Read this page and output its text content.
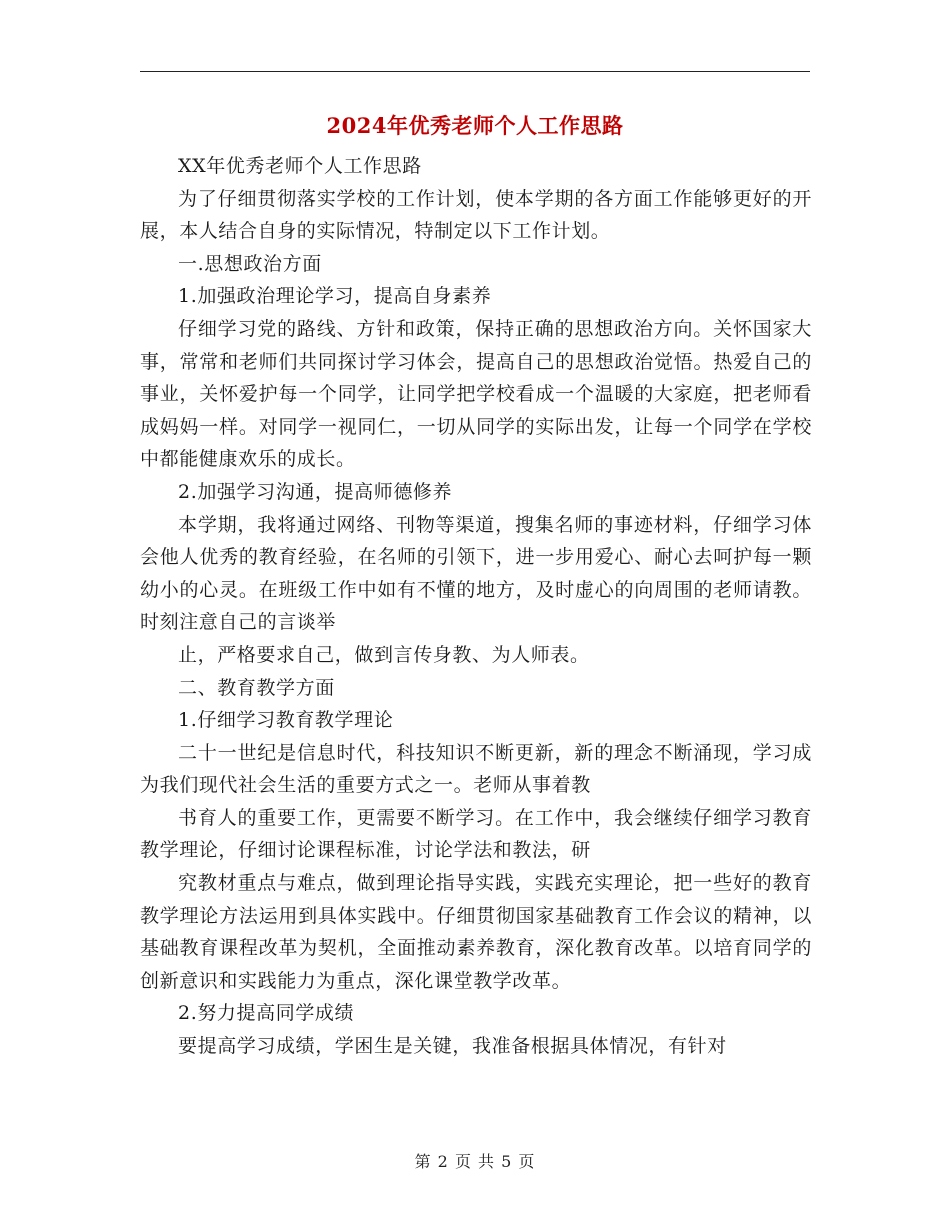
2024年优秀老师个人工作思路

XX年优秀老师个人工作思路

为了仔细贯彻落实学校的工作计划，使本学期的各方面工作能够更好的开展，本人结合自身的实际情况，特制定以下工作计划。

一.思想政治方面

1.加强政治理论学习，提高自身素养

仔细学习党的路线、方针和政策，保持正确的思想政治方向。关怀国家大事，常常和老师们共同探讨学习体会，提高自己的思想政治觉悟。热爱自己的事业，关怀爱护每一个同学，让同学把学校看成一个温暖的大家庭，把老师看成妈妈一样。对同学一视同仁，一切从同学的实际出发，让每一个同学在学校中都能健康欢乐的成长。

2.加强学习沟通，提高师德修养

本学期，我将通过网络、刊物等渠道，搜集名师的事迹材料，仔细学习体会他人优秀的教育经验，在名师的引领下，进一步用爱心、耐心去呵护每一颗幼小的心灵。在班级工作中如有不懂的地方，及时虚心的向周围的老师请教。时刻注意自己的言谈举

止，严格要求自己，做到言传身教、为人师表。

二、教育教学方面

1.仔细学习教育教学理论

二十一世纪是信息时代，科技知识不断更新，新的理念不断涌现，学习成为我们现代社会生活的重要方式之一。老师从事着教

书育人的重要工作，更需要不断学习。在工作中，我会继续仔细学习教育教学理论，仔细讨论课程标准，讨论学法和教法，研

究教材重点与难点，做到理论指导实践，实践充实理论，把一些好的教育教学理论方法运用到具体实践中。仔细贯彻国家基础教育工作会议的精神，以基础教育课程改革为契机，全面推动素养教育，深化教育改革。以培育同学的创新意识和实践能力为重点，深化课堂教学改革。

2.努力提高同学成绩

要提高学习成绩，学困生是关键，我准备根据具体情况，有针对

第 2 页 共 5 页
